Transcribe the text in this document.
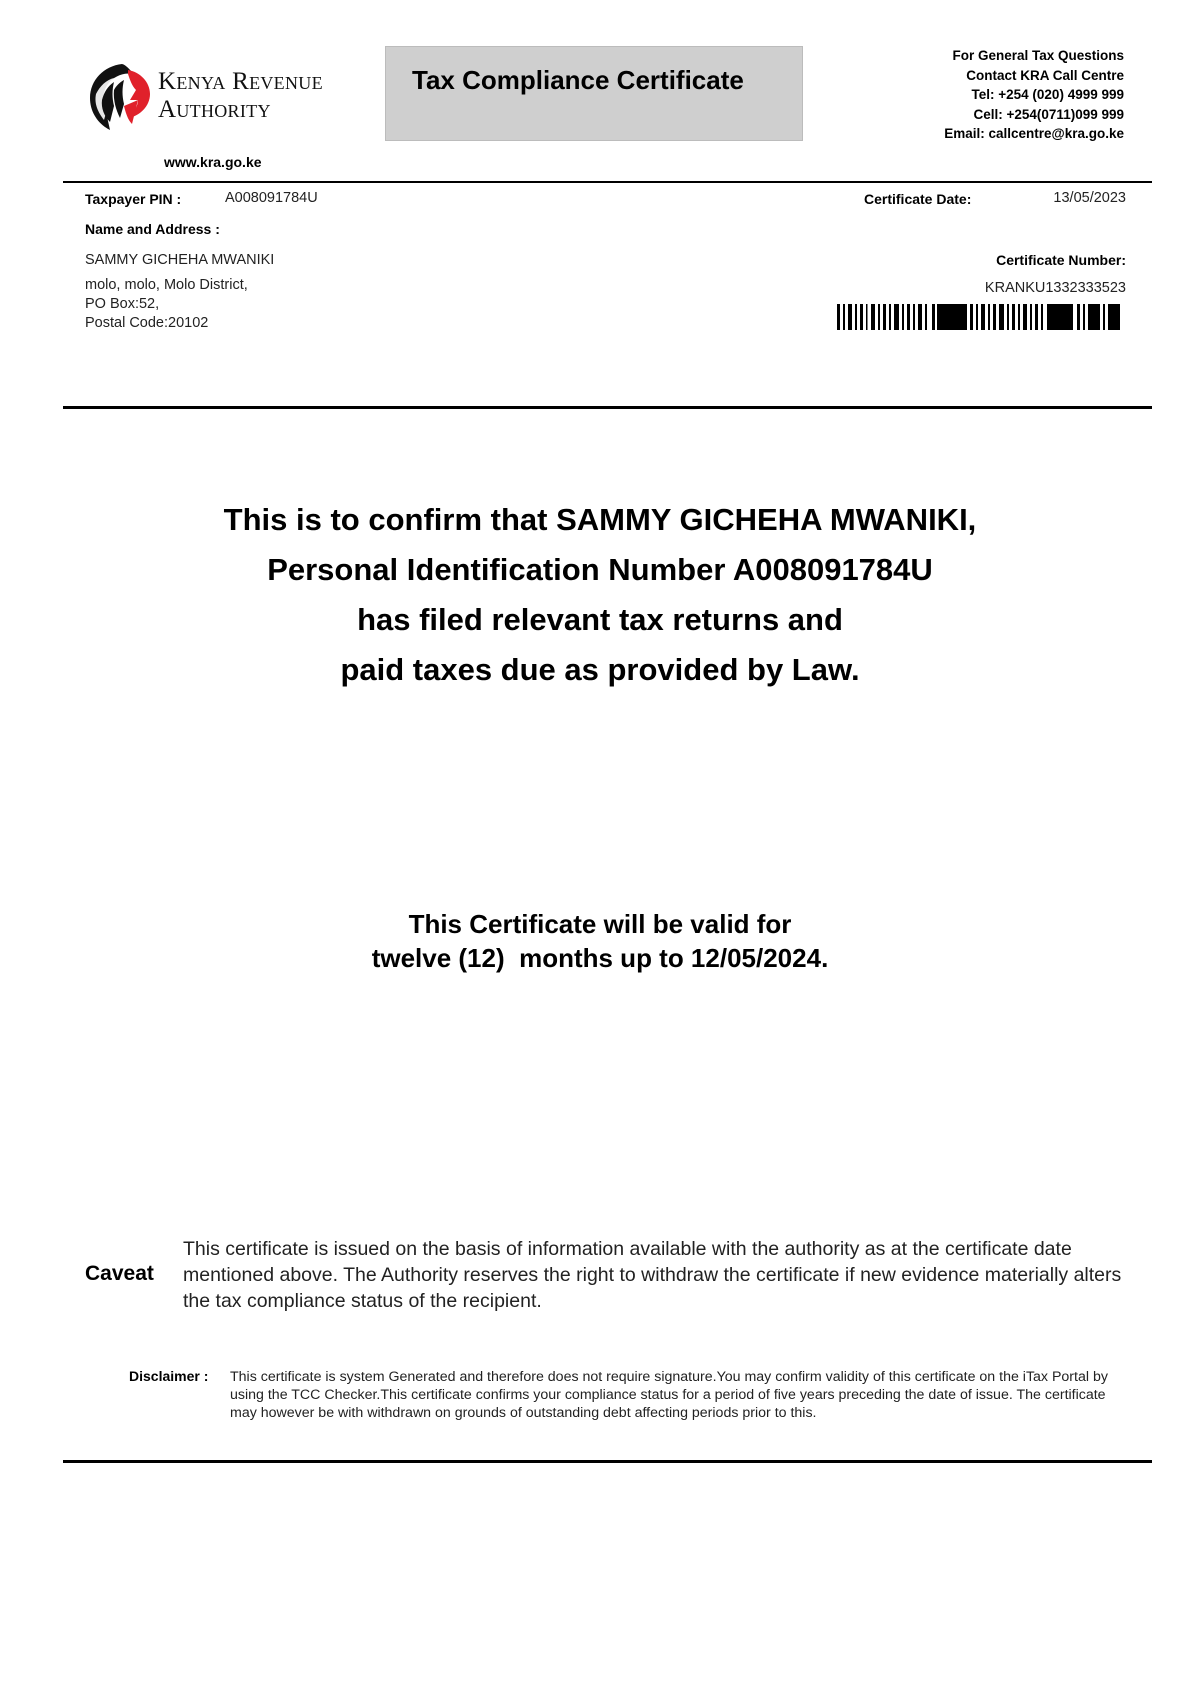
Kenya Revenue
Authority
www.kra.go.ke
Tax Compliance Certificate
For General Tax Questions
Contact KRA Call Centre
Tel: +254 (020) 4999 999
Cell: +254(0711)099 999
Email: callcentre@kra.go.ke
Taxpayer PIN :	A008091784U
Name and Address :
SAMMY GICHEHA MWANIKI
molo, molo, Molo District,
PO Box:52,
Postal Code:20102
Certificate Date:	13/05/2023
Certificate Number:
KRANKU1332333523
This is to confirm that SAMMY GICHEHA MWANIKI,
Personal Identification Number A008091784U
has filed relevant tax returns and
paid taxes due as provided by Law.
This Certificate will be valid for
twelve (12)  months up to 12/05/2024.
Caveat
This certificate is issued on the basis of information available with the authority as at the certificate date mentioned above. The Authority reserves the right to withdraw the certificate if new evidence materially alters the tax compliance status of the recipient.
Disclaimer : This certificate is system Generated and therefore does not require signature.You may confirm validity of this certificate on the iTax Portal by using the TCC Checker.This certificate confirms your compliance status for a period of five years preceding the date of issue. The certificate may however be with withdrawn on grounds of outstanding debt affecting periods prior to this.
